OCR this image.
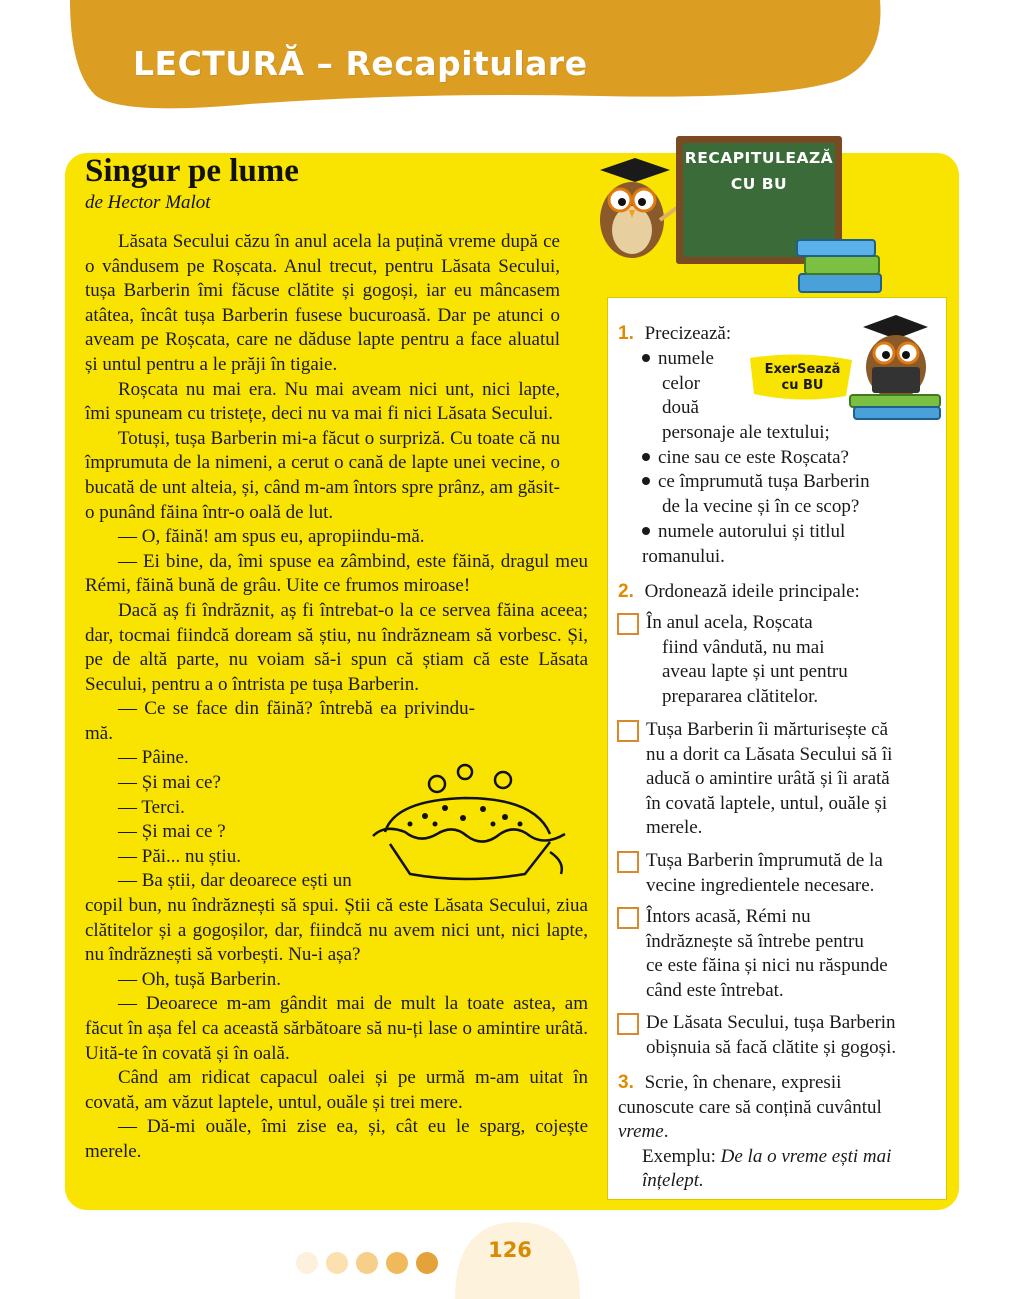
LECTURĂ – Recapitulare
Singur pe lume
de Hector Malot

Lăsata Secului căzu în anul acela la puțină vreme după ce o vândusem pe Roșcata. Anul trecut, pentru Lăsata Secului, tușa Barberin îmi făcuse clătite și gogoși, iar eu mâncasem atâtea, încât tușa Barberin fusese bucuroasă. Dar pe atunci o aveam pe Roșcata, care ne dăduse lapte pentru a face aluatul și untul pentru a le prăji în tigaie.

Roșcata nu mai era. Nu mai aveam nici unt, nici lapte, îmi spuneam cu tristețe, deci nu va mai fi nici Lăsata Secului.

Totuși, tușa Barberin mi-a făcut o surpriză. Cu toate că nu împrumuta de la nimeni, a cerut o cană de lapte unei vecine, o bucată de unt alteia, și, când m-am întors spre prânz, am găsit-o punând făina într-o oală de lut.

— O, făină! am spus eu, apropiindu-mă.

— Ei bine, da, îmi spuse ea zâmbind, este făină, dragul meu Rémi, făină bună de grâu. Uite ce frumos miroase!

Dacă aș fi îndrăznit, aș fi întrebat-o la ce servea făina aceea; dar, tocmai fiindcă doream să știu, nu îndrăzneam să vorbesc. Și, pe de altă parte, nu voiam să-i spun că știam că este Lăsata Secului, pentru a o întrista pe tușa Barberin.

— Ce se face din făină? întrebă ea privindu-mă.

— Pâine.

— Și mai ce?

— Terci.

— Și mai ce ?

— Păi... nu știu.

— Ba știi, dar deoarece ești un

copil bun, nu îndrăznești să spui. Știi că este Lăsata Secului, ziua clătitelor și a gogoșilor, dar, fiindcă nu avem nici unt, nici lapte, nu îndrăznești să vorbești. Nu-i așa?

— Oh, tușă Barberin.

— Deoarece m-am gândit mai de mult la toate astea, am făcut în așa fel ca această sărbătoare să nu-ți lase o amintire urâtă. Uită-te în covată și în oală.

Când am ridicat capacul oalei și pe urmă m-am uitat în covată, am văzut laptele, untul, ouăle și trei mere.

— Dă-mi ouăle, îmi zise ea, și, cât eu le sparg, cojește merele.

RECAPITULEAZĂ
CU BU
ExerSează
cu BU
1. Precizează:
numele
celor
două
personaje ale textului;
cine sau ce este Roșcata?
ce împrumută tușa Barberin
de la vecine și în ce scop?
numele autorului și titlul
romanului.
2. Ordonează ideile principale:
În anul acela, Roșcata
fiind vândută, nu mai
aveau lapte și unt pentru
prepararea clătitelor.
Tușa Barberin îi mărturisește că
nu a dorit ca Lăsata Secului să îi
aducă o amintire urâtă și îi arată
în covată laptele, untul, ouăle și
merele.
Tușa Barberin împrumută de la
vecine ingredientele necesare.
Întors acasă, Rémi nu
îndrăznește să întrebe pentru
ce este făina și nici nu răspunde
când este întrebat.
De Lăsata Secului, tușa Barberin
obișnuia să facă clătite și gogoși.
3. Scrie, în chenare, expresii
cunoscute care să conțină cuvântul
vreme.
Exemplu: De la o vreme ești mai
înțelept.
126
